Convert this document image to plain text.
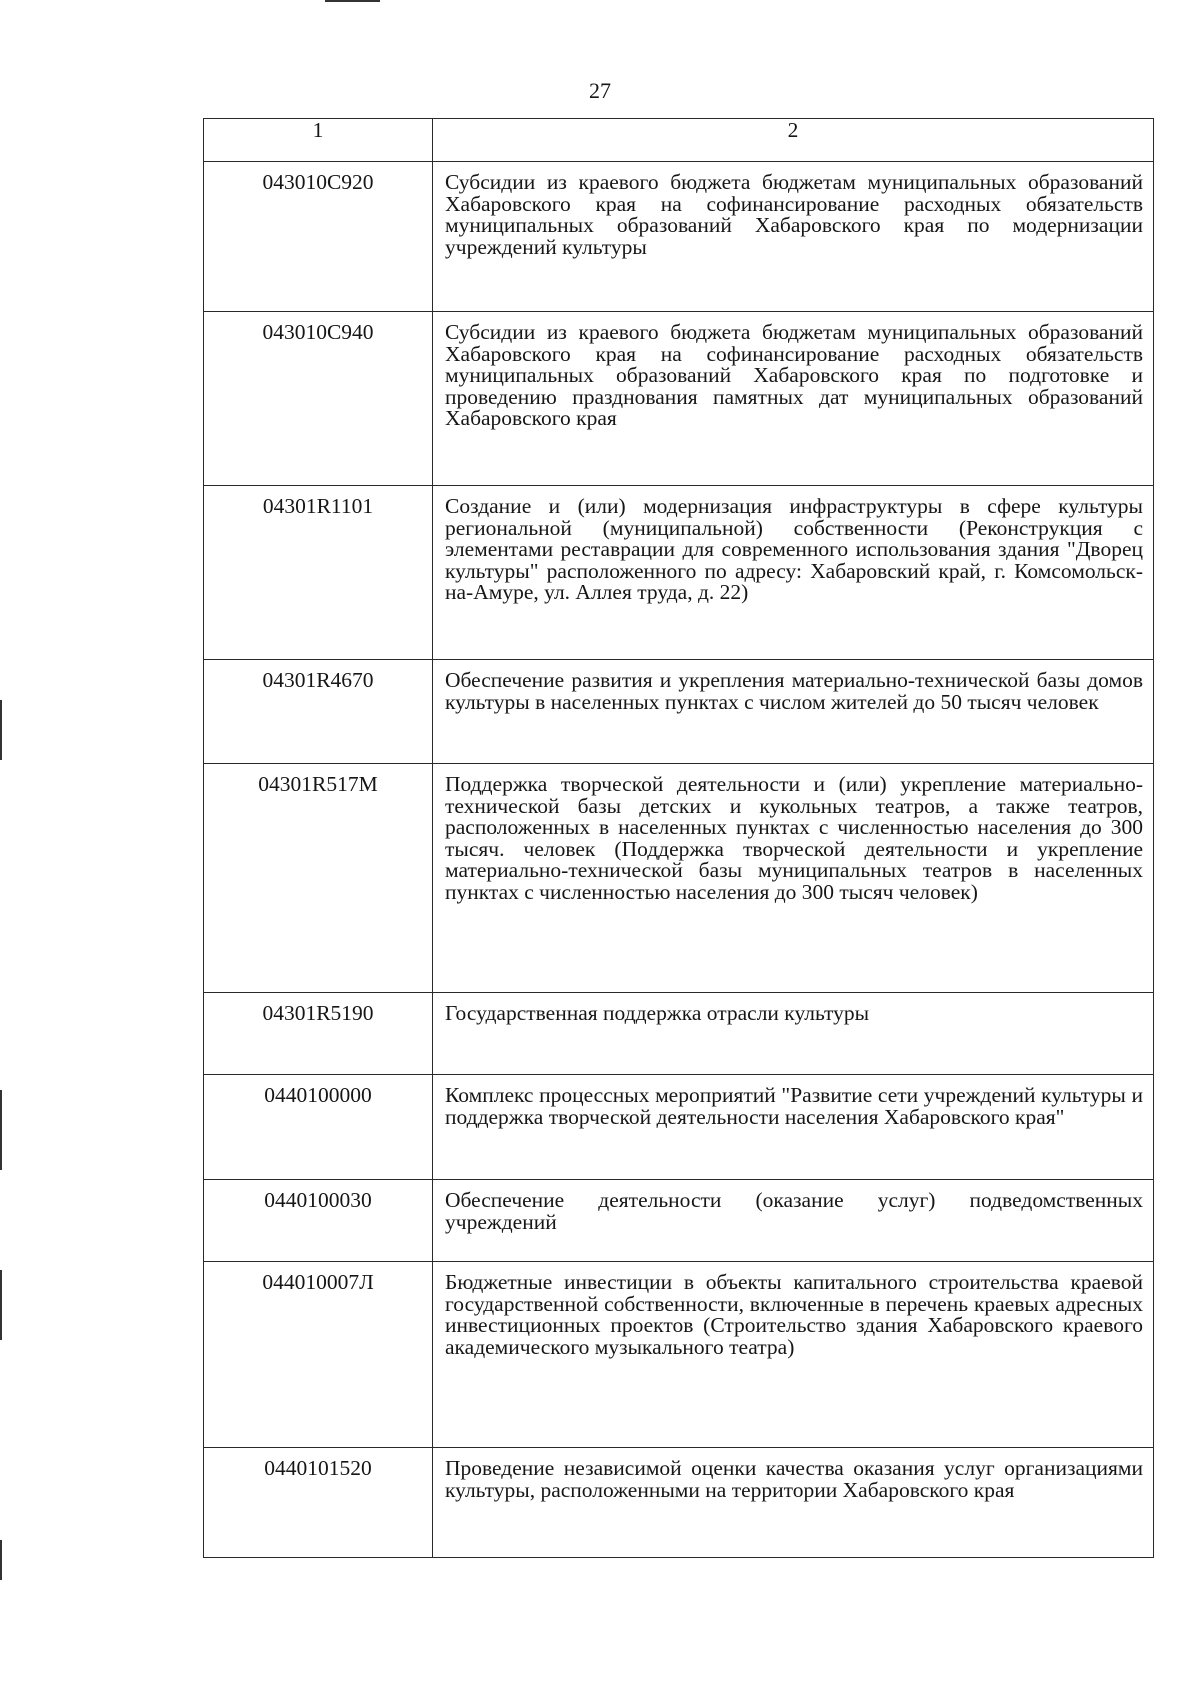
27
1	2
043010C920	Субсидии из краевого бюджета бюджетам муниципальных образований Хабаровского края на софинансирование расходных обязательств муниципальных образований Хабаровского края по модернизации учреждений культуры
043010C940	Субсидии из краевого бюджета бюджетам муниципальных образований Хабаровского края на софинансирование расходных обязательств муниципальных образований Хабаровского края по подготовке и проведению празднования памятных дат муниципальных образований Хабаровского края
04301R1101	Создание и (или) модернизация инфраструктуры в сфере культуры региональной (муниципальной) собственности (Реконструкция с элементами реставрации для современного использования здания "Дворец культуры" расположенного по адресу: Хабаровский край, г. Комсомольск-на-Амуре, ул. Аллея труда, д. 22)
04301R4670	Обеспечение развития и укрепления материально-технической базы домов культуры в населенных пунктах с числом жителей до 50 тысяч человек
04301R517M	Поддержка творческой деятельности и (или) укрепление материально-технической базы детских и кукольных театров, а также театров, расположенных в населенных пунктах с численностью населения до 300 тысяч. человек (Поддержка творческой деятельности и укрепление материально-технической базы муниципальных театров в населенных пунктах с численностью населения до 300 тысяч человек)
04301R5190	Государственная поддержка отрасли культуры
0440100000	Комплекс процессных мероприятий "Развитие сети учреждений культуры и поддержка творческой деятельности населения Хабаровского края"
0440100030	Обеспечение деятельности (оказание услуг) подведомственных учреждений
044010007Л	Бюджетные инвестиции в объекты капитального строительства краевой государственной собственности, включенные в перечень краевых адресных инвестиционных проектов (Строительство здания Хабаровского краевого академического музыкального театра)
0440101520	Проведение независимой оценки качества оказания услуг организациями культуры, расположенными на территории Хабаровского края
